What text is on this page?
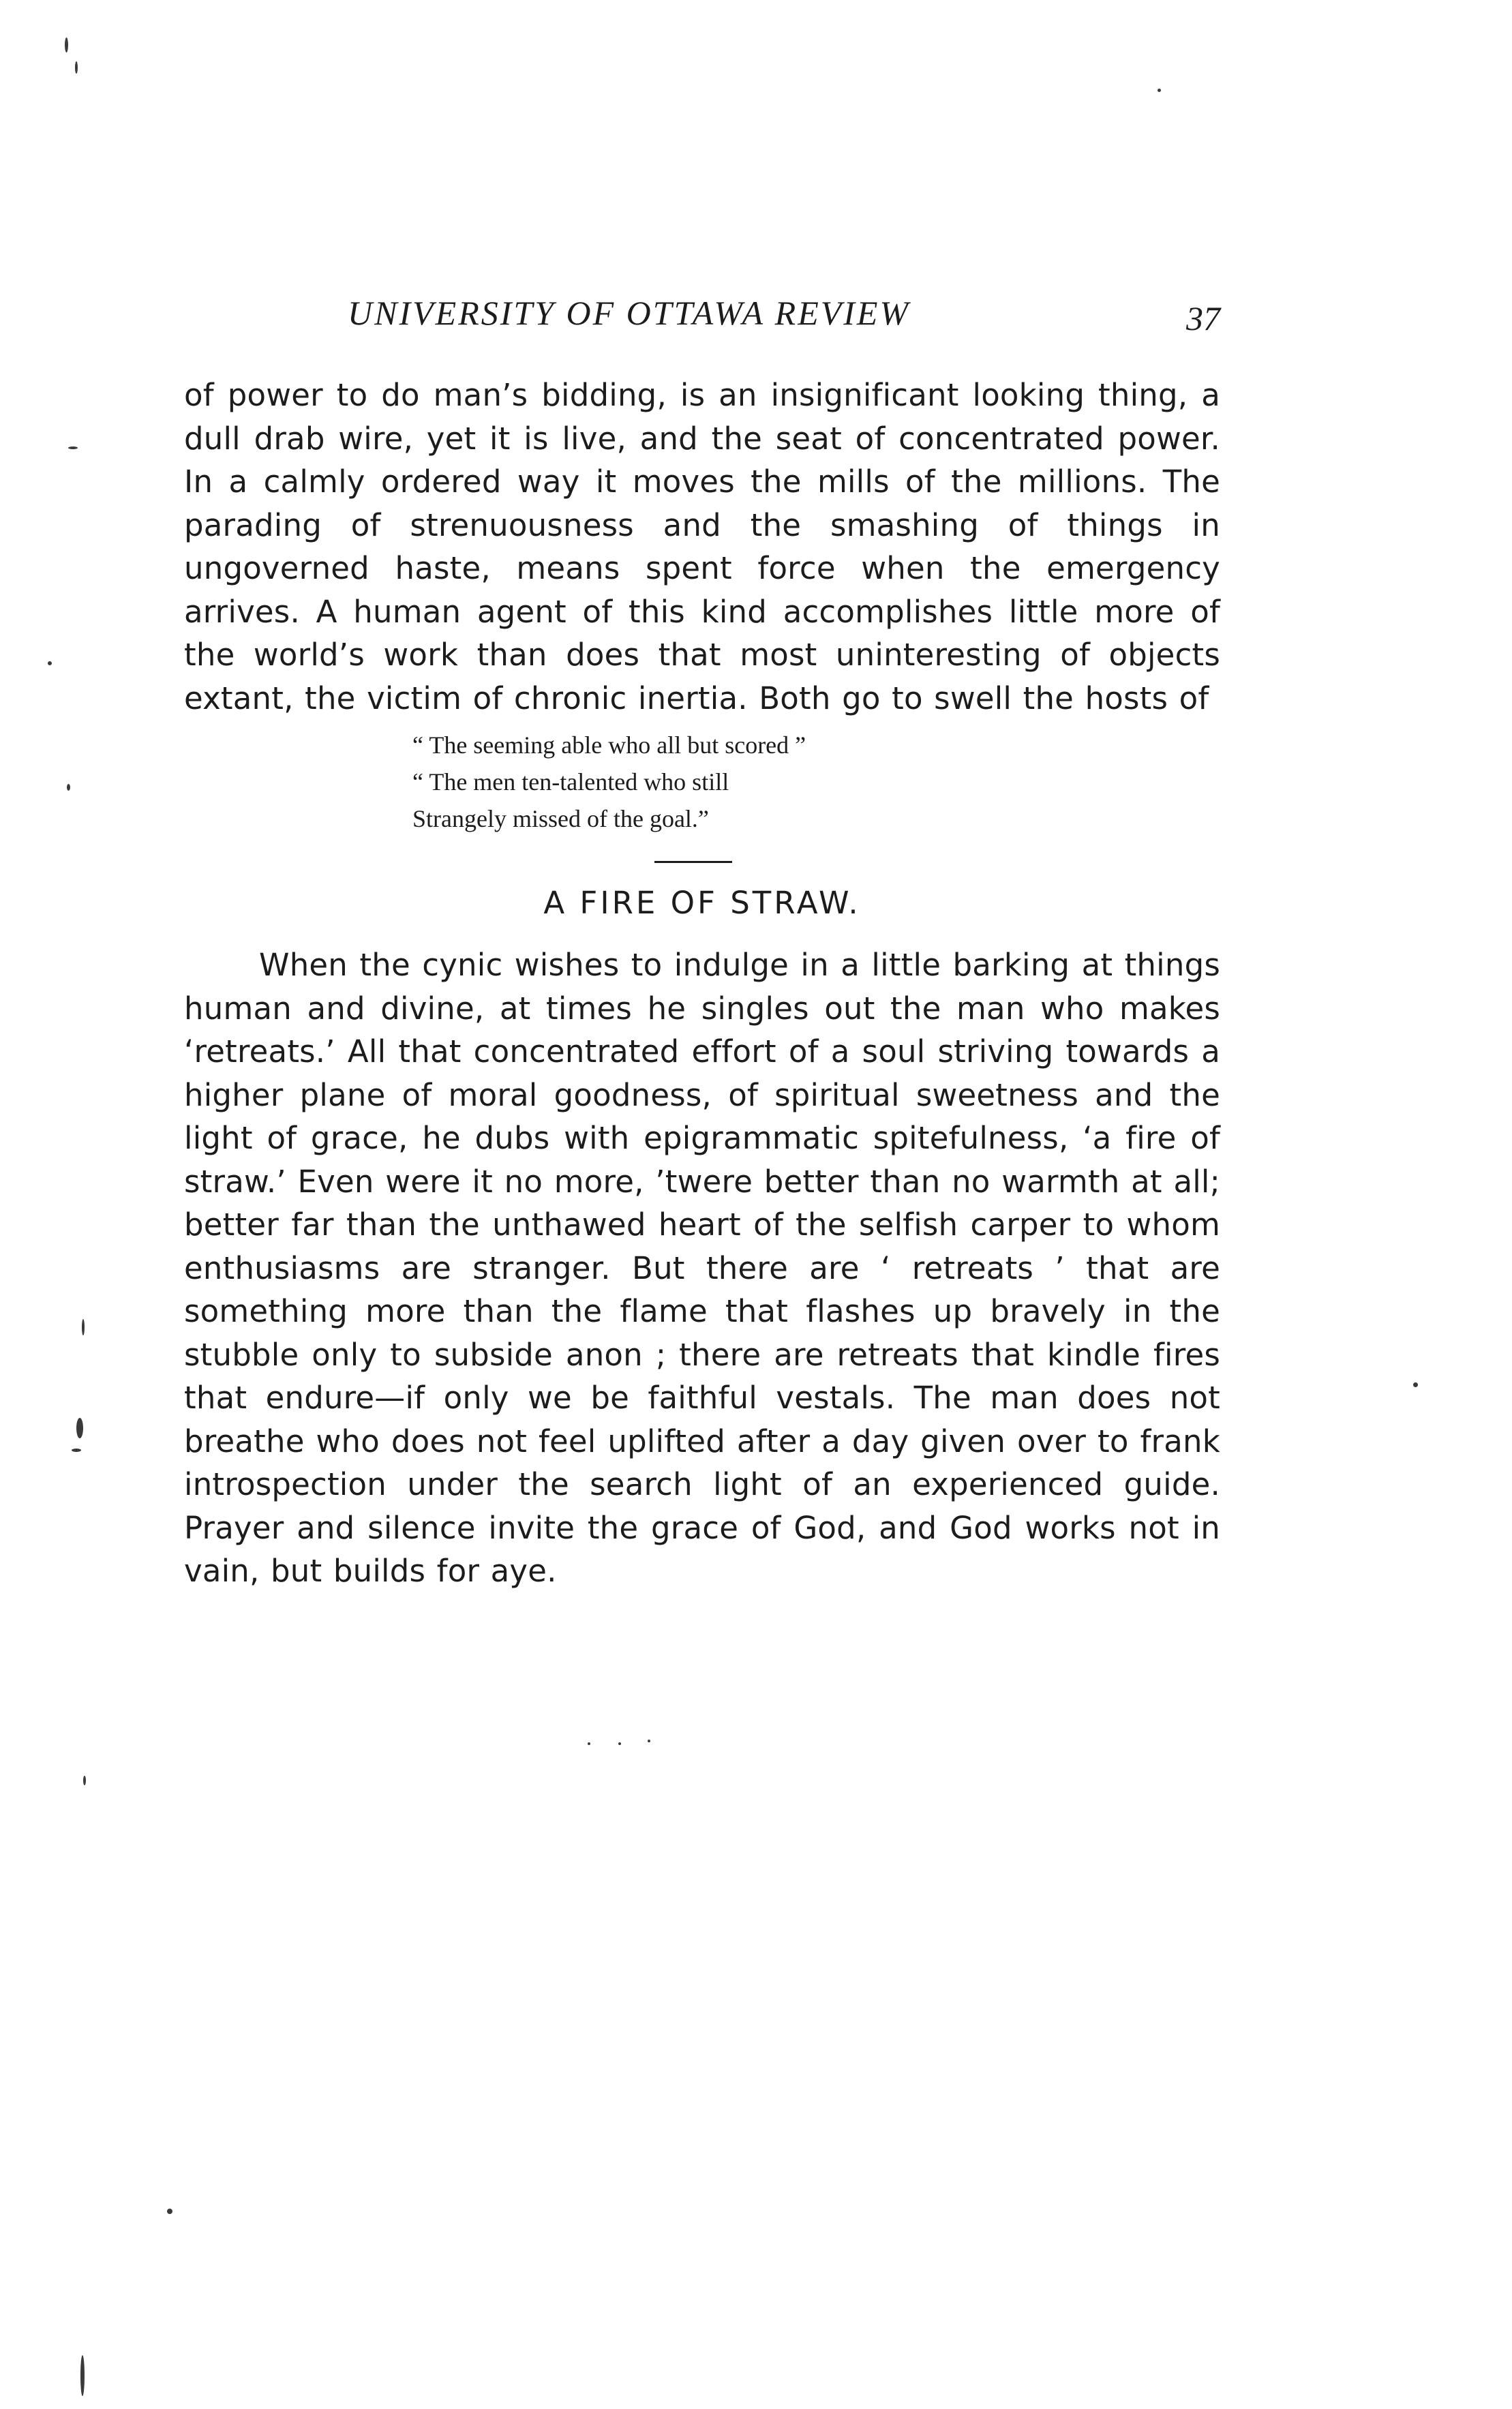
UNIVERSITY OF OTTAWA REVIEW	37

of power to do man’s bidding, is an insignificant looking thing, a dull drab wire, yet it is live, and the seat of concentrated power. In a calmly ordered way it moves the mills of the millions. The parading of strenuousness and the smashing of things in ungoverned haste, means spent force when the emergency arrives. A human agent of this kind accomplishes little more of the world’s work than does that most uninteresting of objects extant, the victim of chronic inertia. Both go to swell the hosts of

“ The seeming able who all but scored ”
“ The men ten-talented who still
Strangely missed of the goal.”
A FIRE OF STRAW.

When the cynic wishes to indulge in a little barking at things human and divine, at times he singles out the man who makes ‘retreats.’ All that concentrated effort of a soul striving towards a higher plane of moral goodness, of spiritual sweetness and the light of grace, he dubs with epigrammatic spitefulness, ‘a fire of straw.’ Even were it no more, ’twere better than no warmth at all; better far than the unthawed heart of the selfish carper to whom enthusiasms are stranger. But there are ‘ retreats ’ that are something more than the flame that flashes up bravely in the stubble only to subside anon ; there are retreats that kindle fires that endure—if only we be faithful vestals. The man does not breathe who does not feel uplifted after a day given over to frank introspection under the search light of an experienced guide. Prayer and silence invite the grace of God, and God works not in vain, but builds for aye.
